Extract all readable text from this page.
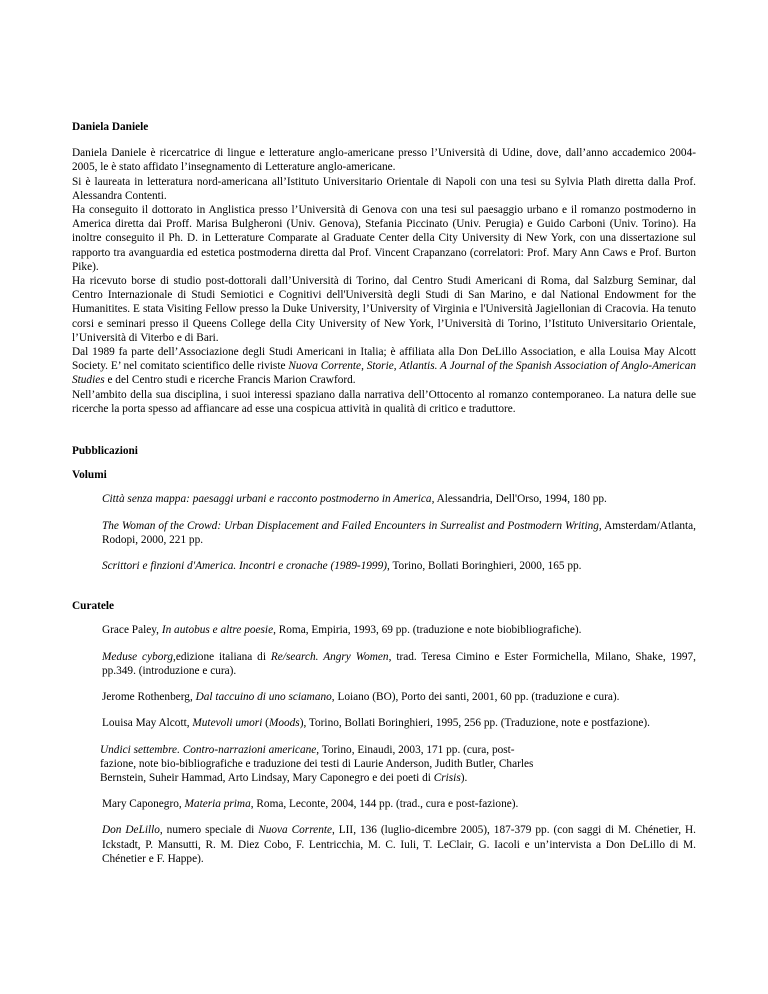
Daniela Daniele

Daniela Daniele è ricercatrice di lingue e letterature anglo-americane presso l’Università di Udine, dove, dall’anno accademico 2004-2005, le è stato affidato l’insegnamento di Letterature anglo-americane.

Si è laureata in letteratura nord-americana all’Istituto Universitario Orientale di Napoli con una tesi su Sylvia Plath diretta dalla Prof. Alessandra Contenti.

Ha conseguito il dottorato in Anglistica presso l’Università di Genova con una tesi sul paesaggio urbano e il romanzo postmoderno in America diretta dai Proff. Marisa Bulgheroni (Univ. Genova), Stefania Piccinato (Univ. Perugia) e Guido Carboni (Univ. Torino). Ha inoltre conseguito il Ph. D. in Letterature Comparate al Graduate Center della City University di New York, con una dissertazione sul rapporto tra avanguardia ed estetica postmoderna diretta dal Prof. Vincent Crapanzano (correlatori: Prof. Mary Ann Caws e Prof. Burton Pike).

Ha ricevuto borse di studio post-dottorali dall’Università di Torino, dal Centro Studi Americani di Roma, dal Salzburg Seminar, dal Centro Internazionale di Studi Semiotici e Cognitivi dell'Università degli Studi di San Marino, e dal National Endowment for the Humanitites. E stata Visiting Fellow presso la Duke University, l’University of Virginia e l'Università Jagiellonian di Cracovia. Ha tenuto corsi e seminari presso il Queens College della City University of New York, l’Università di Torino, l’Istituto Universitario Orientale, l’Università di Viterbo e di Bari.

Dal 1989 fa parte dell’Associazione degli Studi Americani in Italia; è affiliata alla Don DeLillo Association, e alla Louisa May Alcott Society. E’ nel comitato scientifico delle riviste Nuova Corrente, Storie, Atlantis. A Journal of the Spanish Association of Anglo-American Studies e del Centro studi e ricerche Francis Marion Crawford.

Nell’ambito della sua disciplina, i suoi interessi spaziano dalla narrativa dell’Ottocento al romanzo contemporaneo. La natura delle sue ricerche la porta spesso ad affiancare ad esse una cospicua attività in qualità di critico e traduttore.

Pubblicazioni
Volumi

Città senza mappa: paesaggi urbani e racconto postmoderno in America, Alessandria, Dell'Orso, 1994, 180 pp.

The Woman of the Crowd: Urban Displacement and Failed Encounters in Surrealist and Postmodern Writing, Amsterdam/Atlanta, Rodopi, 2000, 221 pp.

Scrittori e finzioni d'America. Incontri e cronache (1989-1999), Torino, Bollati Boringhieri, 2000, 165 pp.

Curatele

Grace Paley, In autobus e altre poesie, Roma, Empiria, 1993, 69 pp. (traduzione e note biobibliografiche).

Meduse cyborg,edizione italiana di Re/search. Angry Women, trad. Teresa Cimino e Ester Formichella, Milano, Shake, 1997, pp.349. (introduzione e cura).

Jerome Rothenberg, Dal taccuino di uno sciamano, Loiano (BO), Porto dei santi, 2001, 60 pp. (traduzione e cura).

Louisa May Alcott, Mutevoli umori (Moods), Torino, Bollati Boringhieri, 1995, 256 pp. (Traduzione, note e postfazione).

Undici settembre. Contro-narrazioni americane, Torino, Einaudi, 2003, 171 pp. (cura, post-
fazione, note bio-bibliografiche e traduzione dei testi di Laurie Anderson, Judith Butler, Charles
Bernstein, Suheir Hammad, Arto Lindsay, Mary Caponegro e dei poeti di Crisis).

Mary Caponegro, Materia prima, Roma, Leconte, 2004, 144 pp. (trad., cura e post-fazione).

Don DeLillo, numero speciale di Nuova Corrente, LII, 136 (luglio-dicembre 2005), 187-379 pp. (con saggi di M. Chénetier, H. Ickstadt, P. Mansutti, R. M. Diez Cobo, F. Lentricchia, M. C. Iuli, T. LeClair, G. Iacoli e un’intervista a Don DeLillo di M. Chénetier e F. Happe).
